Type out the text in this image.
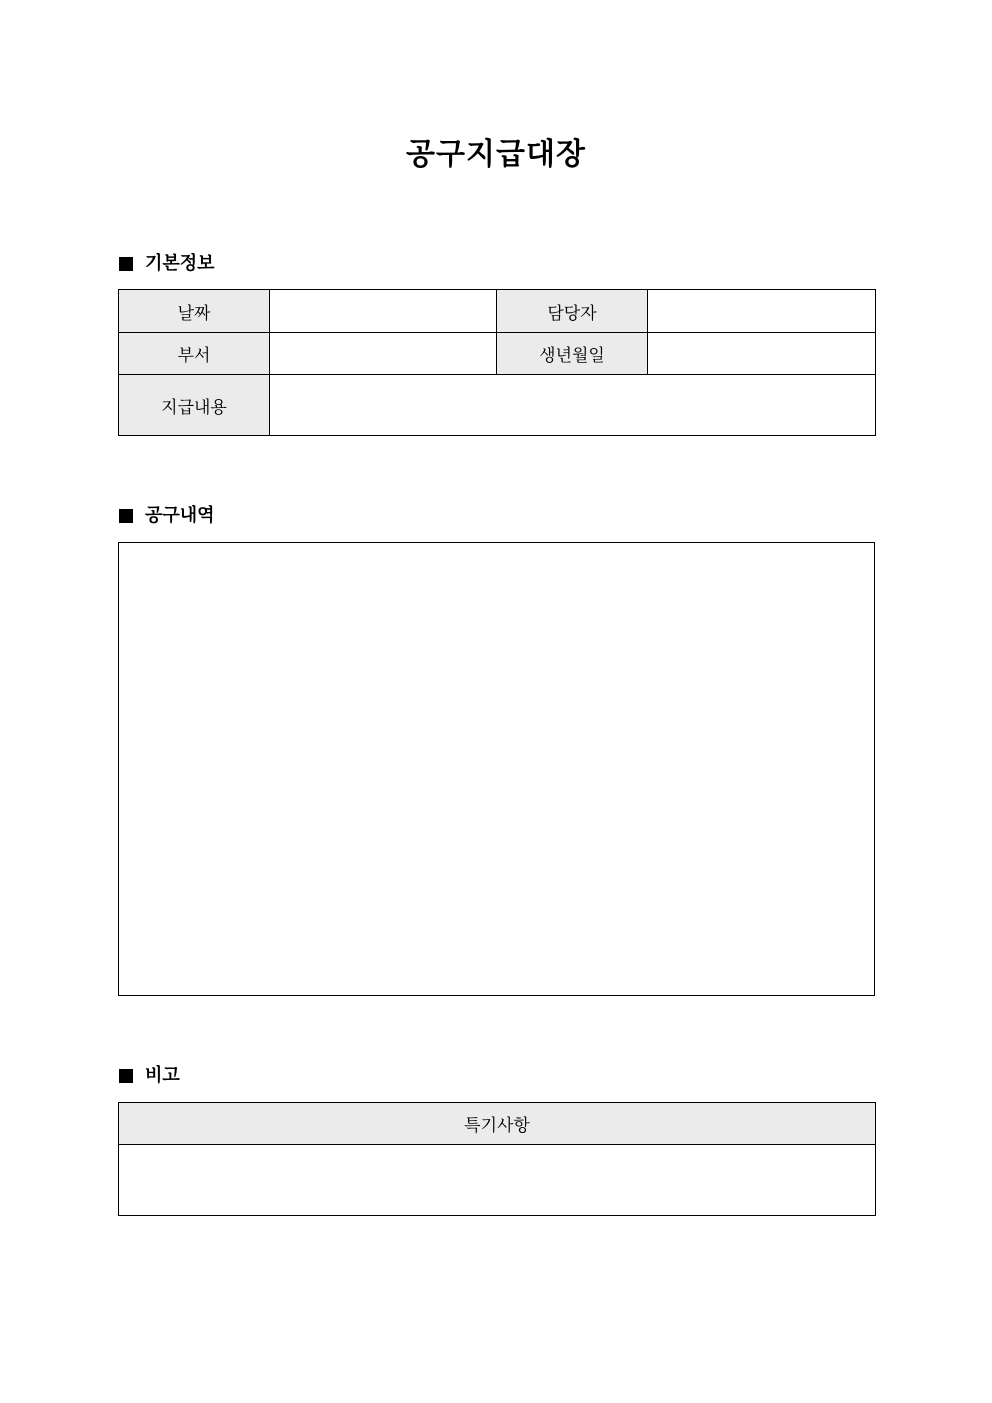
공구지급대장
기본정보
날짜		담당자	
부서		생년월일	
지급내용			
공구내역
비고
특기사항
